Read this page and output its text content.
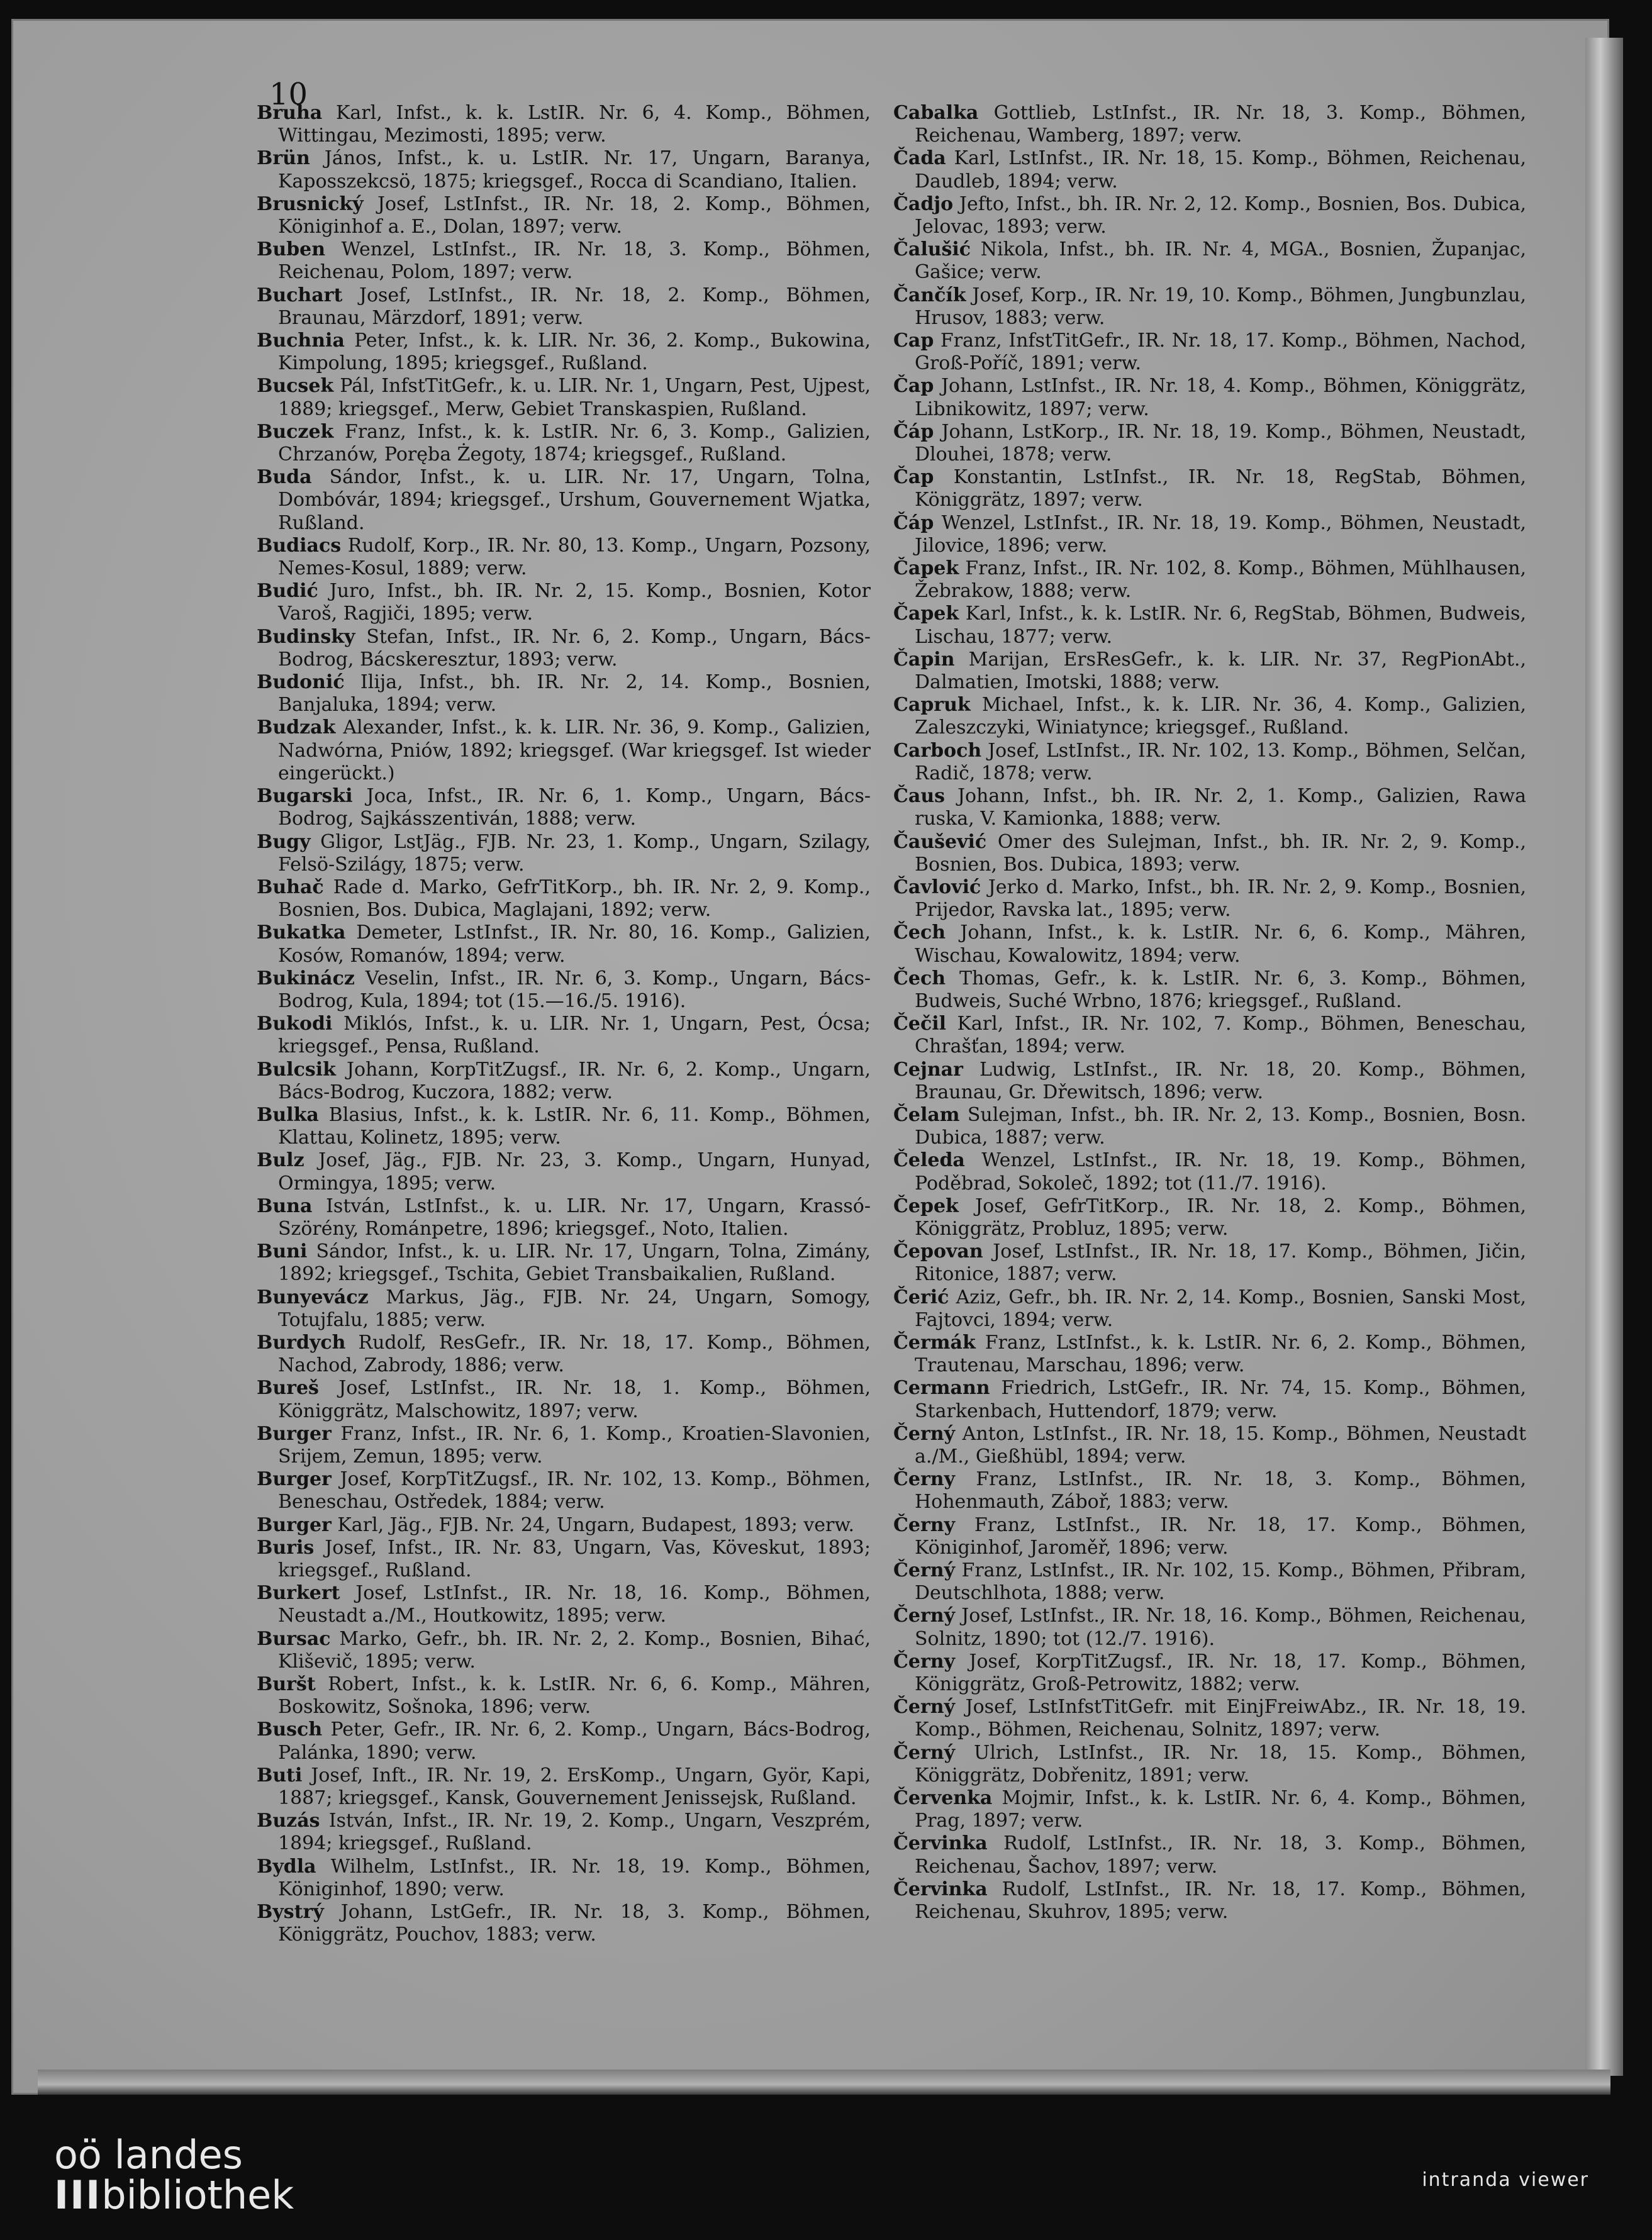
10

Bruha Karl, Infst., k. k. LstIR. Nr. 6, 4. Komp., Böhmen, Wittingau, Mezimosti, 1895; verw.

Brün János, Infst., k. u. LstIR. Nr. 17, Ungarn, Baranya, Kaposszekcsö, 1875; kriegsgef., Rocca di Scandiano, Italien.

Brusnický Josef, LstInfst., IR. Nr. 18, 2. Komp., Böhmen, Königinhof a. E., Dolan, 1897; verw.

Buben Wenzel, LstInfst., IR. Nr. 18, 3. Komp., Böhmen, Reichenau, Polom, 1897; verw.

Buchart Josef, LstInfst., IR. Nr. 18, 2. Komp., Böhmen, Braunau, Märzdorf, 1891; verw.

Buchnia Peter, Infst., k. k. LIR. Nr. 36, 2. Komp., Bukowina, Kimpolung, 1895; kriegsgef., Rußland.

Bucsek Pál, InfstTitGefr., k. u. LIR. Nr. 1, Ungarn, Pest, Ujpest, 1889; kriegsgef., Merw, Gebiet Transkaspien, Rußland.

Buczek Franz, Infst., k. k. LstIR. Nr. 6, 3. Komp., Galizien, Chrzanów, Poręba Żegoty, 1874; kriegsgef., Rußland.

Buda Sándor, Infst., k. u. LIR. Nr. 17, Ungarn, Tolna, Dombóvár, 1894; kriegsgef., Urshum, Gouvernement Wjatka, Rußland.

Budiacs Rudolf, Korp., IR. Nr. 80, 13. Komp., Ungarn, Pozsony, Nemes-Kosul, 1889; verw.

Budić Juro, Infst., bh. IR. Nr. 2, 15. Komp., Bosnien, Kotor Varoš, Ragjiči, 1895; verw.

Budinsky Stefan, Infst., IR. Nr. 6, 2. Komp., Ungarn, Bács-Bodrog, Bácskeresztur, 1893; verw.

Budonić Ilija, Infst., bh. IR. Nr. 2, 14. Komp., Bosnien, Banjaluka, 1894; verw.

Budzak Alexander, Infst., k. k. LIR. Nr. 36, 9. Komp., Galizien, Nadwórna, Pniów, 1892; kriegsgef. (War kriegsgef. Ist wieder eingerückt.)

Bugarski Joca, Infst., IR. Nr. 6, 1. Komp., Ungarn, Bács-Bodrog, Sajkásszentiván, 1888; verw.

Bugy Gligor, LstJäg., FJB. Nr. 23, 1. Komp., Ungarn, Szilagy, Felsö-Szilágy, 1875; verw.

Buhač Rade d. Marko, GefrTitKorp., bh. IR. Nr. 2, 9. Komp., Bosnien, Bos. Dubica, Maglajani, 1892; verw.

Bukatka Demeter, LstInfst., IR. Nr. 80, 16. Komp., Galizien, Kosów, Romanów, 1894; verw.

Bukinácz Veselin, Infst., IR. Nr. 6, 3. Komp., Ungarn, Bács-Bodrog, Kula, 1894; tot (15.—16./5. 1916).

Bukodi Miklós, Infst., k. u. LIR. Nr. 1, Ungarn, Pest, Ócsa; kriegsgef., Pensa, Rußland.

Bulcsik Johann, KorpTitZugsf., IR. Nr. 6, 2. Komp., Ungarn, Bács-Bodrog, Kuczora, 1882; verw.

Bulka Blasius, Infst., k. k. LstIR. Nr. 6, 11. Komp., Böhmen, Klattau, Kolinetz, 1895; verw.

Bulz Josef, Jäg., FJB. Nr. 23, 3. Komp., Ungarn, Hunyad, Ormingya, 1895; verw.

Buna István, LstInfst., k. u. LIR. Nr. 17, Ungarn, Krassó-Szörény, Románpetre, 1896; kriegsgef., Noto, Italien.

Buni Sándor, Infst., k. u. LIR. Nr. 17, Ungarn, Tolna, Zimány, 1892; kriegsgef., Tschita, Gebiet Transbaikalien, Rußland.

Bunyevácz Markus, Jäg., FJB. Nr. 24, Ungarn, Somogy, Totujfalu, 1885; verw.

Burdych Rudolf, ResGefr., IR. Nr. 18, 17. Komp., Böhmen, Nachod, Zabrody, 1886; verw.

Bureš Josef, LstInfst., IR. Nr. 18, 1. Komp., Böhmen, Königgrätz, Malschowitz, 1897; verw.

Burger Franz, Infst., IR. Nr. 6, 1. Komp., Kroatien-Slavonien, Srijem, Zemun, 1895; verw.

Burger Josef, KorpTitZugsf., IR. Nr. 102, 13. Komp., Böhmen, Beneschau, Ostředek, 1884; verw.

Burger Karl, Jäg., FJB. Nr. 24, Ungarn, Budapest, 1893; verw.

Buris Josef, Infst., IR. Nr. 83, Ungarn, Vas, Köveskut, 1893; kriegsgef., Rußland.

Burkert Josef, LstInfst., IR. Nr. 18, 16. Komp., Böhmen, Neustadt a./M., Houtkowitz, 1895; verw.

Bursac Marko, Gefr., bh. IR. Nr. 2, 2. Komp., Bosnien, Bihać, Kliševič, 1895; verw.

Buršt Robert, Infst., k. k. LstIR. Nr. 6, 6. Komp., Mähren, Boskowitz, Sošnoka, 1896; verw.

Busch Peter, Gefr., IR. Nr. 6, 2. Komp., Ungarn, Bács-Bodrog, Palánka, 1890; verw.

Buti Josef, Inft., IR. Nr. 19, 2. ErsKomp., Ungarn, Györ, Kapi, 1887; kriegsgef., Kansk, Gouvernement Jenissejsk, Rußland.

Buzás István, Infst., IR. Nr. 19, 2. Komp., Ungarn, Veszprém, 1894; kriegsgef., Rußland.

Bydla Wilhelm, LstInfst., IR. Nr. 18, 19. Komp., Böhmen, Königinhof, 1890; verw.

Bystrý Johann, LstGefr., IR. Nr. 18, 3. Komp., Böhmen, Königgrätz, Pouchov, 1883; verw.

Cabalka Gottlieb, LstInfst., IR. Nr. 18, 3. Komp., Böhmen, Reichenau, Wamberg, 1897; verw.

Čada Karl, LstInfst., IR. Nr. 18, 15. Komp., Böhmen, Reichenau, Daudleb, 1894; verw.

Čadjo Jefto, Infst., bh. IR. Nr. 2, 12. Komp., Bosnien, Bos. Dubica, Jelovac, 1893; verw.

Čalušić Nikola, Infst., bh. IR. Nr. 4, MGA., Bosnien, Županjac, Gašice; verw.

Čančík Josef, Korp., IR. Nr. 19, 10. Komp., Böhmen, Jungbunzlau, Hrusov, 1883; verw.

Cap Franz, InfstTitGefr., IR. Nr. 18, 17. Komp., Böhmen, Nachod, Groß-Poříč, 1891; verw.

Čap Johann, LstInfst., IR. Nr. 18, 4. Komp., Böhmen, Königgrätz, Libnikowitz, 1897; verw.

Čáp Johann, LstKorp., IR. Nr. 18, 19. Komp., Böhmen, Neustadt, Dlouhei, 1878; verw.

Čap Konstantin, LstInfst., IR. Nr. 18, RegStab, Böhmen, Königgrätz, 1897; verw.

Čáp Wenzel, LstInfst., IR. Nr. 18, 19. Komp., Böhmen, Neustadt, Jilovice, 1896; verw.

Čapek Franz, Infst., IR. Nr. 102, 8. Komp., Böhmen, Mühlhausen, Žebrakow, 1888; verw.

Čapek Karl, Infst., k. k. LstIR. Nr. 6, RegStab, Böhmen, Budweis, Lischau, 1877; verw.

Čapin Marijan, ErsResGefr., k. k. LIR. Nr. 37, RegPionAbt., Dalmatien, Imotski, 1888; verw.

Capruk Michael, Infst., k. k. LIR. Nr. 36, 4. Komp., Galizien, Zaleszczyki, Winiatynce; kriegsgef., Rußland.

Carboch Josef, LstInfst., IR. Nr. 102, 13. Komp., Böhmen, Selčan, Radič, 1878; verw.

Čaus Johann, Infst., bh. IR. Nr. 2, 1. Komp., Galizien, Rawa ruska, V. Kamionka, 1888; verw.

Čaušević Omer des Sulejman, Infst., bh. IR. Nr. 2, 9. Komp., Bosnien, Bos. Dubica, 1893; verw.

Čavlović Jerko d. Marko, Infst., bh. IR. Nr. 2, 9. Komp., Bosnien, Prijedor, Ravska lat., 1895; verw.

Čech Johann, Infst., k. k. LstIR. Nr. 6, 6. Komp., Mähren, Wischau, Kowalowitz, 1894; verw.

Čech Thomas, Gefr., k. k. LstIR. Nr. 6, 3. Komp., Böhmen, Budweis, Suché Wrbno, 1876; kriegsgef., Rußland.

Čečil Karl, Infst., IR. Nr. 102, 7. Komp., Böhmen, Beneschau, Chrašťan, 1894; verw.

Cejnar Ludwig, LstInfst., IR. Nr. 18, 20. Komp., Böhmen, Braunau, Gr. Dřewitsch, 1896; verw.

Čelam Sulejman, Infst., bh. IR. Nr. 2, 13. Komp., Bosnien, Bosn. Dubica, 1887; verw.

Čeleda Wenzel, LstInfst., IR. Nr. 18, 19. Komp., Böhmen, Poděbrad, Sokoleč, 1892; tot (11./7. 1916).

Čepek Josef, GefrTitKorp., IR. Nr. 18, 2. Komp., Böhmen, Königgrätz, Probluz, 1895; verw.

Čepovan Josef, LstInfst., IR. Nr. 18, 17. Komp., Böhmen, Jičin, Ritonice, 1887; verw.

Čerić Aziz, Gefr., bh. IR. Nr. 2, 14. Komp., Bosnien, Sanski Most, Fajtovci, 1894; verw.

Čermák Franz, LstInfst., k. k. LstIR. Nr. 6, 2. Komp., Böhmen, Trautenau, Marschau, 1896; verw.

Cermann Friedrich, LstGefr., IR. Nr. 74, 15. Komp., Böhmen, Starkenbach, Huttendorf, 1879; verw.

Černý Anton, LstInfst., IR. Nr. 18, 15. Komp., Böhmen, Neustadt a./M., Gießhübl, 1894; verw.

Černy Franz, LstInfst., IR. Nr. 18, 3. Komp., Böhmen, Hohenmauth, Záboř, 1883; verw.

Černy Franz, LstInfst., IR. Nr. 18, 17. Komp., Böhmen, Königinhof, Jaroměř, 1896; verw.

Černý Franz, LstInfst., IR. Nr. 102, 15. Komp., Böhmen, Přibram, Deutschlhota, 1888; verw.

Černý Josef, LstInfst., IR. Nr. 18, 16. Komp., Böhmen, Reichenau, Solnitz, 1890; tot (12./7. 1916).

Černy Josef, KorpTitZugsf., IR. Nr. 18, 17. Komp., Böhmen, Königgrätz, Groß-Petrowitz, 1882; verw.

Černý Josef, LstInfstTitGefr. mit EinjFreiwAbz., IR. Nr. 18, 19. Komp., Böhmen, Reichenau, Solnitz, 1897; verw.

Černý Ulrich, LstInfst., IR. Nr. 18, 15. Komp., Böhmen, Königgrätz, Dobřenitz, 1891; verw.

Červenka Mojmir, Infst., k. k. LstIR. Nr. 6, 4. Komp., Böhmen, Prag, 1897; verw.

Červinka Rudolf, LstInfst., IR. Nr. 18, 3. Komp., Böhmen, Reichenau, Šachov, 1897; verw.

Červinka Rudolf, LstInfst., IR. Nr. 18, 17. Komp., Böhmen, Reichenau, Skuhrov, 1895; verw.

oö landes
IIIbibliothek	intranda viewer
